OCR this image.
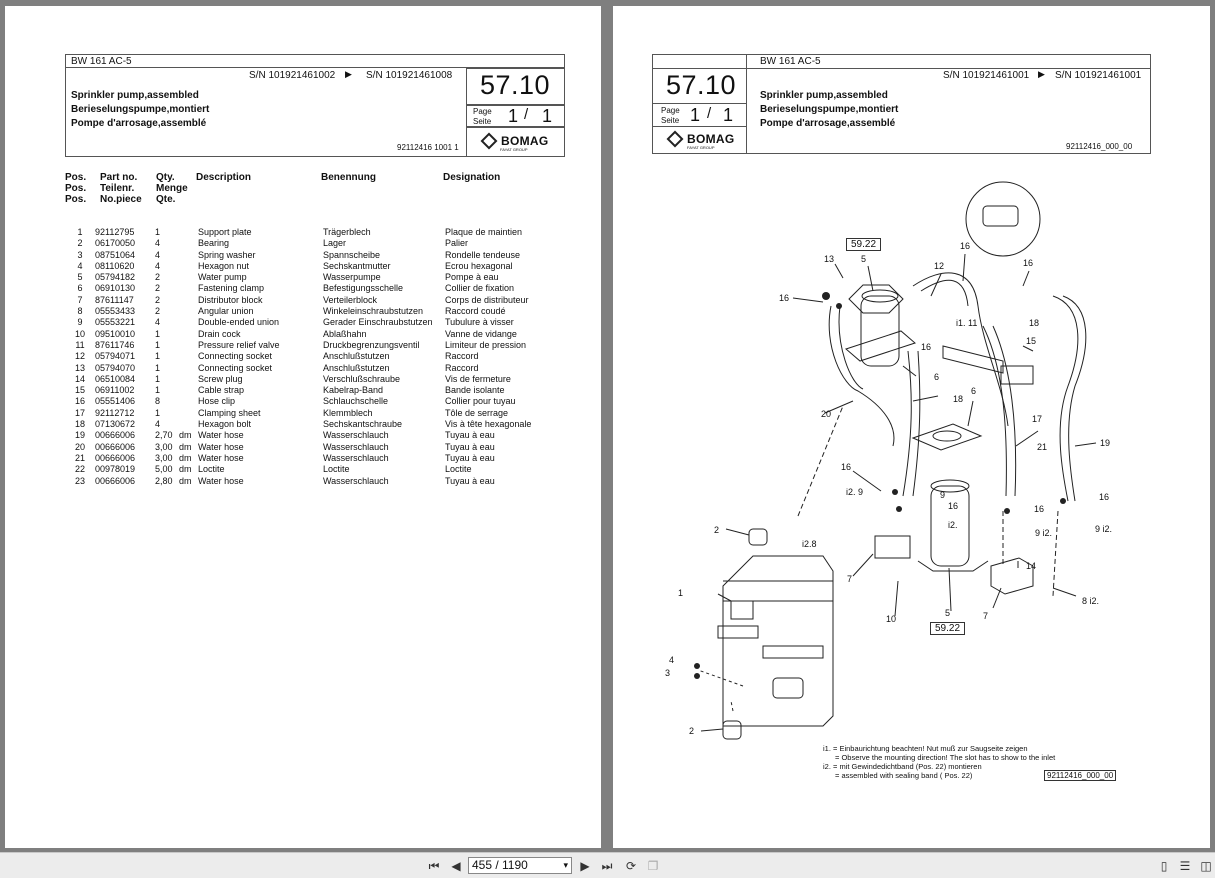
BW 161 AC-5
S/N 101921461002 ▶ S/N 101921461008 57.10
Sprinkler pump,assembled
Berieselungspumpe,montiert
Pompe d'arrosage,assemblé
Page
Seite 1 / 1
92112416 1001 1	BOMAG
FAYAT GROUP
Pos.
Pos.
Pos.
Part no.
Teilenr.
No.piece
Qty.
Menge
Qte.
Description	Benennung	Designation
1	92112795	1		Support plate	Trägerblech	Plaque de maintien
2	06170050	4		Bearing	Lager	Palier
3	08751064	4		Spring washer	Spannscheibe	Rondelle tendeuse
4	08110620	4		Hexagon nut	Sechskantmutter	Ecrou hexagonal
5	05794182	2		Water pump	Wasserpumpe	Pompe à eau
6	06910130	2		Fastening clamp	Befestigungsschelle	Collier de fixation
7	87611147	2		Distributor block	Verteilerblock	Corps de distributeur
8	05553433	2		Angular union	Winkeleinschraubstutzen	Raccord coudé
9	05553221	4		Double-ended union	Gerader Einschraubstutzen	Tubulure à visser
10	09510010	1		Drain cock	Ablaßhahn	Vanne de vidange
11	87611746	1		Pressure relief valve	Druckbegrenzungsventil	Limiteur de pression
12	05794071	1		Connecting socket	Anschlußstutzen	Raccord
13	05794070	1		Connecting socket	Anschlußstutzen	Raccord
14	06510084	1		Screw plug	Verschlußschraube	Vis de fermeture
15	06911002	1		Cable strap	Kabelrap-Band	Bande isolante
16	05551406	8		Hose clip	Schlauchschelle	Collier pour tuyau
17	92112712	1		Clamping sheet	Klemmblech	Tôle de serrage
18	07130672	4		Hexagon bolt	Sechskantschraube	Vis à tête hexagonale
19	00666006	2,70	dm	Water hose	Wasserschlauch	Tuyau à eau
20	00666006	3,00	dm	Water hose	Wasserschlauch	Tuyau à eau
21	00666006	3,00	dm	Water hose	Wasserschlauch	Tuyau à eau
22	00978019	5,00	dm	Loctite	Loctite	Loctite
23	00666006	2,80	dm	Water hose	Wasserschlauch	Tuyau à eau
BW 161 AC-5
S/N 101921461001 ▶ S/N 101921461001
57.10 Sprinkler pump,assembled
Berieselungspumpe,montiert
Pompe d'arrosage,assemblé
Page
Seite 1 / 1
92112416_000_00
BOMAG
FAYAT GROUP
59.22
59.22
13	5
16
12
16
16
i1. 11	18
15
16
6
6
18
20	17
21	19
16
i2. 9	9
16
i2.
16
16
9 i2.	9 i2.
2
i2.8
7
14
1
10
5	7
8 i2.
4
3
2
i1. = Einbaurichtung beachten! Nut muß zur Saugseite zeigen
= Observe the mounting direction! The slot has to show to the inlet
i2. = mit Gewindedichtband (Pos. 22) montieren
= assembled with sealing band ( Pos. 22)	92112416_000_00
⏮ ◀ 455 / 1190	▾ ▶ ⏭ ⟳ ❐	▯	☰ ◫
